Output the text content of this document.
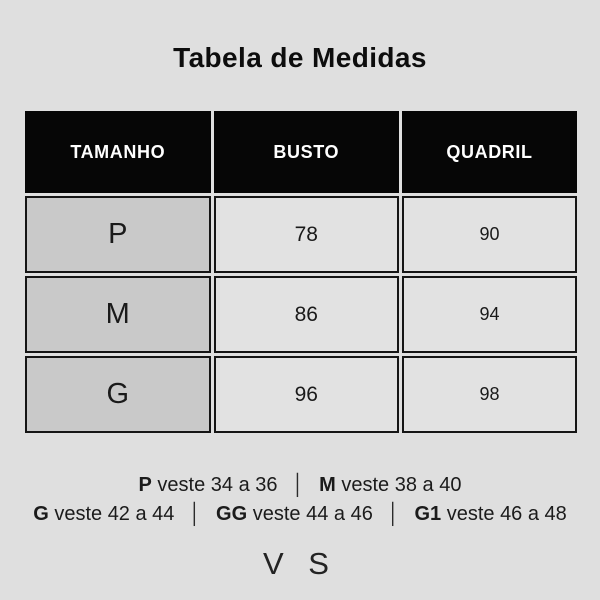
Tabela de Medidas
TAMANHO	BUSTO	QUADRIL
P	78	90
M	86	94
G	96	98
P veste 34 a 36 │ M veste 38 a 40
G veste 42 a 44 │ GG veste 44 a 46 │ G1 veste 46 a 48
V S
